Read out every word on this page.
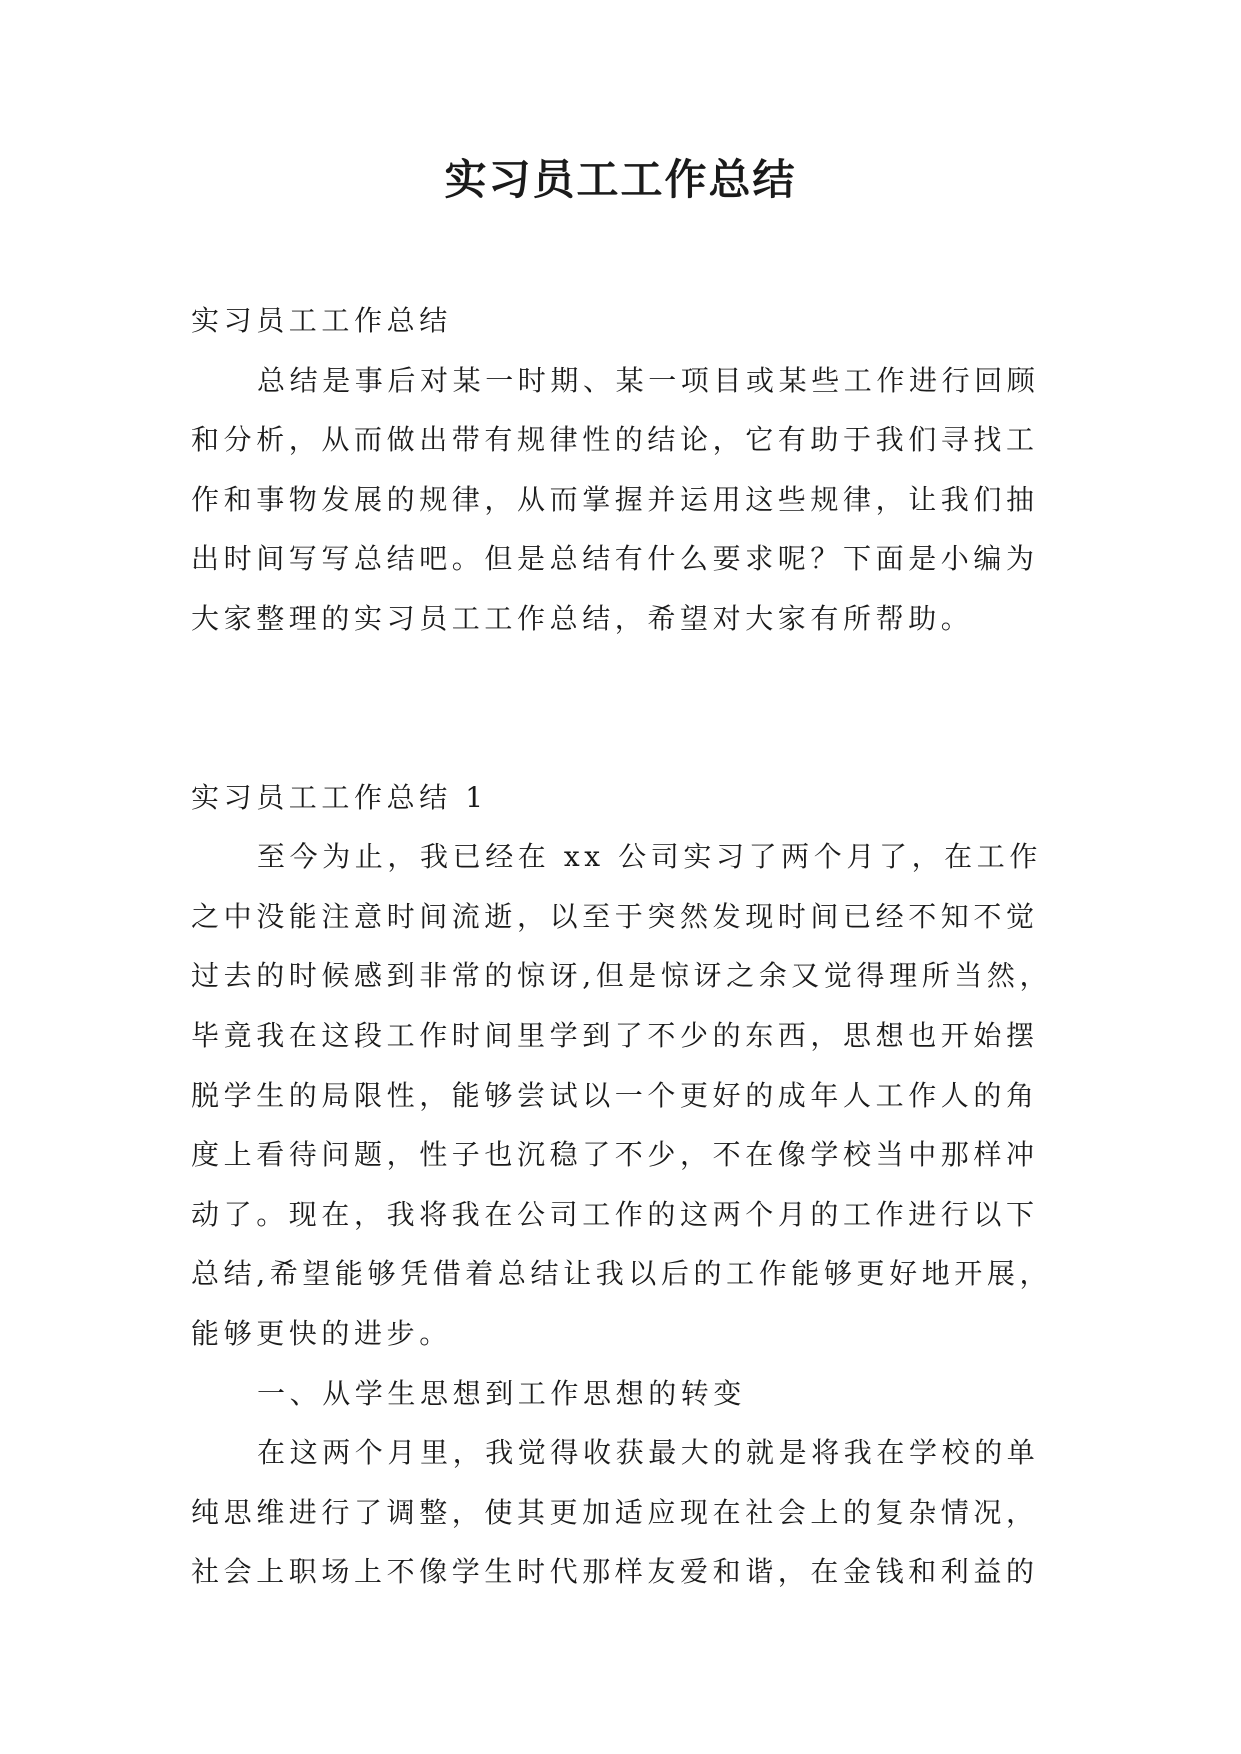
实习员工工作总结

实习员工工作总结

总结是事后对某一时期、某一项目或某些工作进行回顾

和分析，从而做出带有规律性的结论，它有助于我们寻找工

作和事物发展的规律，从而掌握并运用这些规律，让我们抽

出时间写写总结吧。但是总结有什么要求呢？下面是小编为

大家整理的实习员工工作总结，希望对大家有所帮助。

实习员工工作总结 1

至今为止，我已经在 xx 公司实习了两个月了，在工作

之中没能注意时间流逝，以至于突然发现时间已经不知不觉

过去的时候感到非常的惊讶,但是惊讶之余又觉得理所当然，

毕竟我在这段工作时间里学到了不少的东西，思想也开始摆

脱学生的局限性，能够尝试以一个更好的成年人工作人的角

度上看待问题，性子也沉稳了不少，不在像学校当中那样冲

动了。现在，我将我在公司工作的这两个月的工作进行以下

总结,希望能够凭借着总结让我以后的工作能够更好地开展，

能够更快的进步。

一、从学生思想到工作思想的转变

在这两个月里，我觉得收获最大的就是将我在学校的单

纯思维进行了调整，使其更加适应现在社会上的复杂情况，

社会上职场上不像学生时代那样友爱和谐，在金钱和利益的
